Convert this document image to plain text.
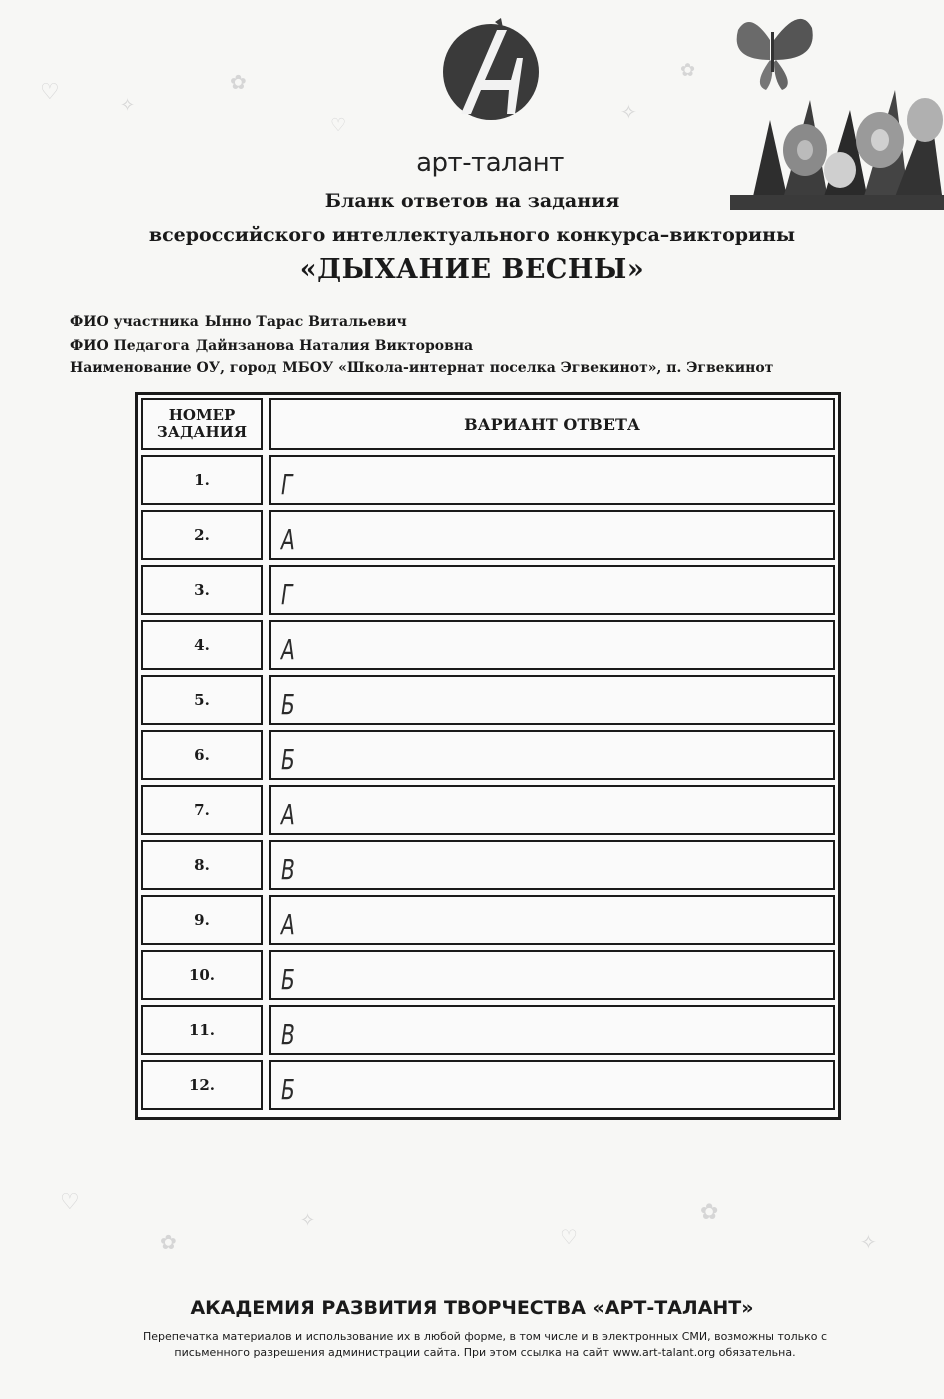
♡
✧
✿
♡
✧
✿
♡
✿
✧
♡
✿
✧
арт-талант
Бланк ответов на задания
всероссийского интеллектуального конкурса–викторины
«ДЫХАНИЕ ВЕСНЫ»
ФИО участника Ынно Тарас Витальевич
ФИО Педагога Дайнзанова Наталия Викторовна
Наименование ОУ, город МБОУ «Школа-интернат поселка Эгвекинот», п. Эгвекинот
НОМЕР
ЗАДАНИЯ	ВАРИАНТ ОТВЕТА
1.	Г
2.	А
3.	Г
4.	А
5.	Б
6.	Б
7.	А
8.	В
9.	А
10.	Б
11.	В
12.	Б
АКАДЕМИЯ РАЗВИТИЯ ТВОРЧЕСТВА «АРТ-ТАЛАНТ»
Перепечатка материалов и использование их в любой форме, в том числе и в электронных СМИ, возможны только с
письменного разрешения администрации сайта. При этом ссылка на сайт www.art-talant.org обязательна.
